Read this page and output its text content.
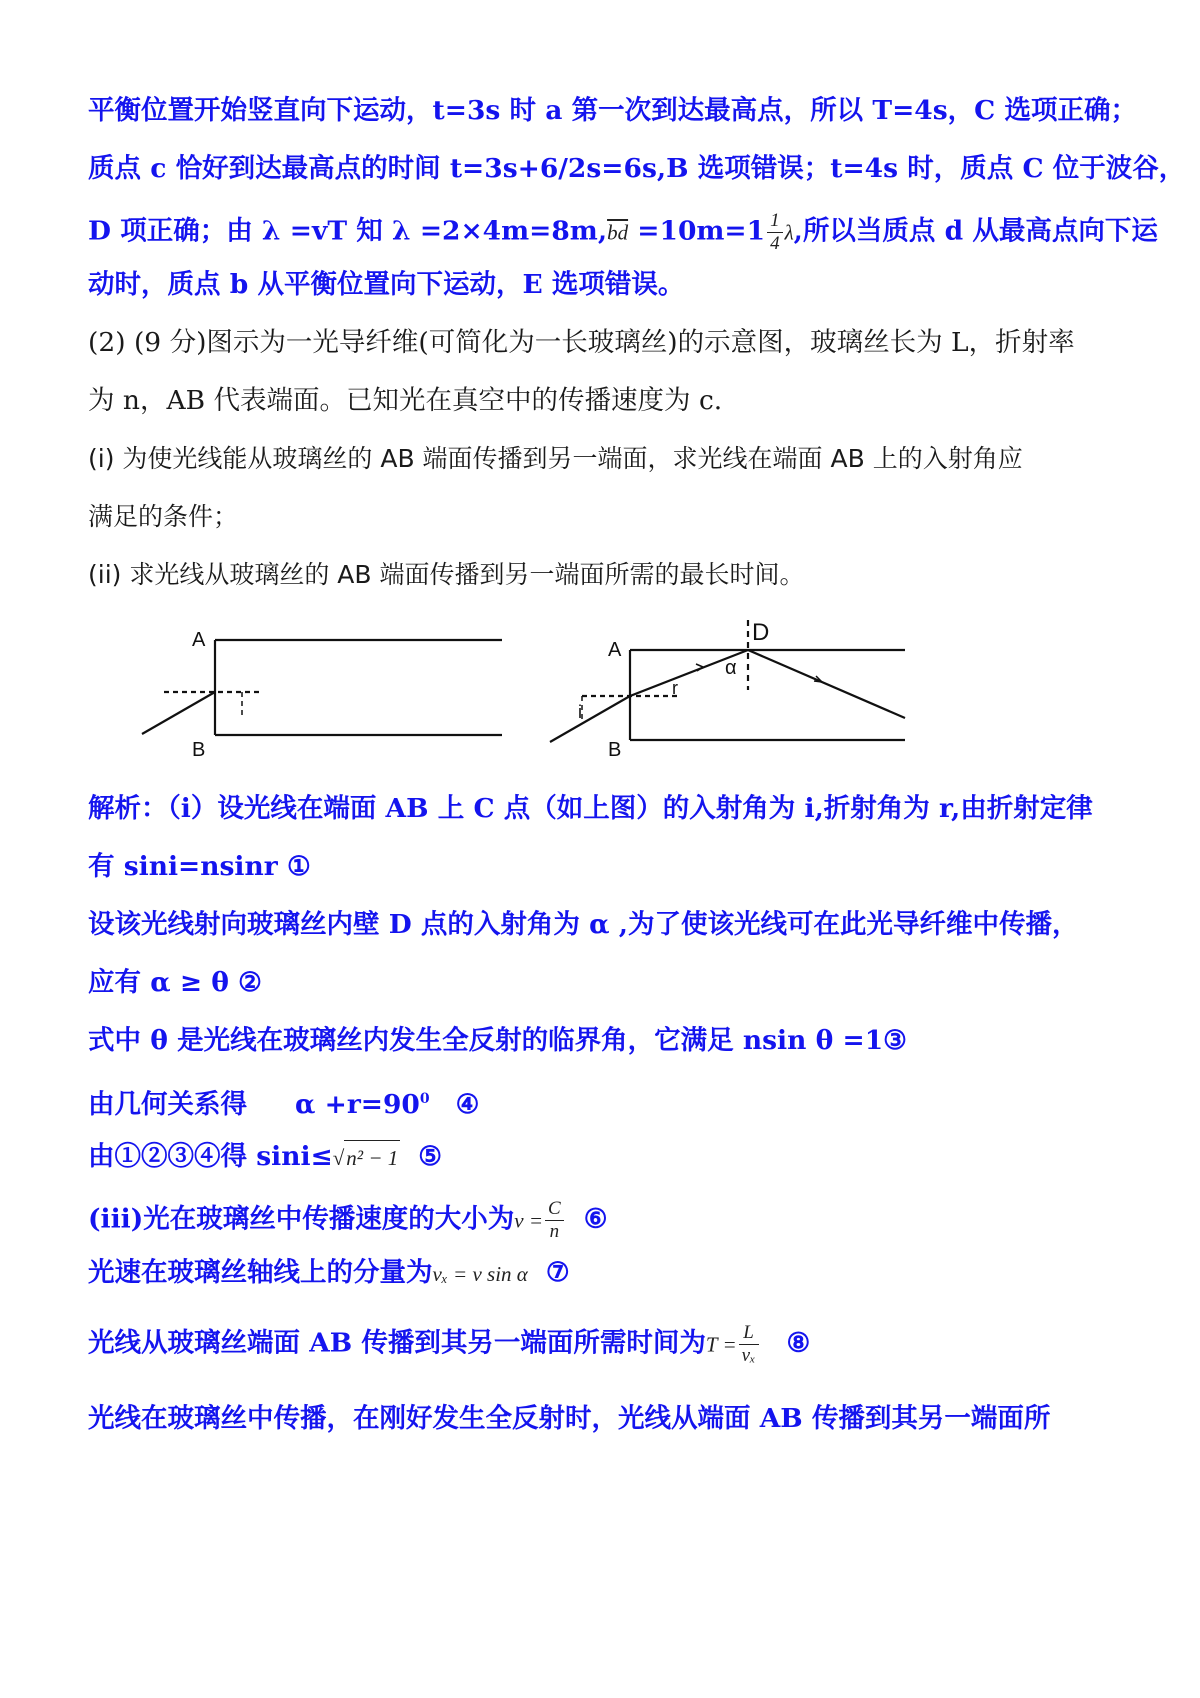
平衡位置开始竖直向下运动，t=3s 时 a 第一次到达最高点，所以 T=4s，C 选项正确；
质点 c 恰好到达最高点的时间 t=3s+6/2s=6s,B 选项错误；t=4s 时，质点 C 位于波谷，
D 项正确；由 λ =vT 知 $\lambda =2\times 4m=8m,\overline{bd} =10m=1 \frac{1}{4} \lambda$,所以当质点 d 从最高点向下运
动时，质点 b 从平衡位置向下运动，E 选项错误。
(2) (9 分)图示为一光导纤维(可简化为一长玻璃丝)的示意图，玻璃丝长为 L，折射率
为 n，AB 代表端面。已知光在真空中的传播速度为 c.
(i) 为使光线能从玻璃丝的 AB 端面传播到另一端面，求光线在端面 AB 上的入射角应
满足的条件；
(ii) 求光线从玻璃丝的 AB 端面传播到另一端面所需的最长时间。
A
B
A
B
D
α
r
i
解析：（i）设光线在端面 AB 上 C 点（如上图）的入射角为 i,折射角为 r,由折射定律
有 sini=nsinr ①
设该光线射向玻璃丝内壁 D 点的入射角为 α ,为了使该光线可在此光导纤维中传播，
应有 α ≥ θ ②
式中 θ 是光线在玻璃丝内发生全反射的临界角，它满足 nsin θ =1③
由几何关系得 $\alpha +r=90^0$ ④
由①②③④得 sini≤√n² − 1 ⑤
(iii)光在玻璃丝中传播速度的大小为$v = \frac{C}{n}$ ⑥
光速在玻璃丝轴线上的分量为vₓ = v sin α ⑦
光线从玻璃丝端面 AB 传播到其另一端面所需时间为$T = \frac{L}{\text{vₓ}}$ ⑧
光线在玻璃丝中传播，在刚好发生全反射时，光线从端面 AB 传播到其另一端面所
